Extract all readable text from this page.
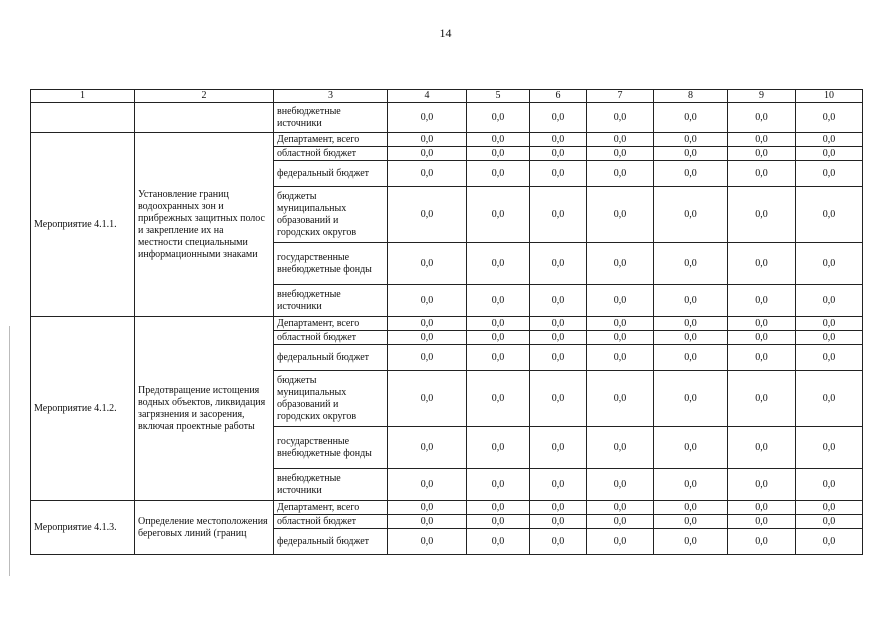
14
1	2	3	4	5	6	7	8	9	10
		внебюджетные источники	0,0	0,0	0,0	0,0	0,0	0,0	0,0
Мероприятие 4.1.1.	Установление границ водоохранных зон и прибрежных защитных полос и закрепление их на местности специальными информационными знаками	Департамент, всего	0,0	0,0	0,0	0,0	0,0	0,0	0,0
		областной бюджет	0,0	0,0	0,0	0,0	0,0	0,0	0,0
		федеральный бюджет	0,0	0,0	0,0	0,0	0,0	0,0	0,0
		бюджеты муниципальных образований и городских округов	0,0	0,0	0,0	0,0	0,0	0,0	0,0
		государственные внебюджетные фонды	0,0	0,0	0,0	0,0	0,0	0,0	0,0
		внебюджетные источники	0,0	0,0	0,0	0,0	0,0	0,0	0,0
Мероприятие 4.1.2.	Предотвращение истощения водных объектов, ликвидация загрязнения и засорения, включая проектные работы	Департамент, всего	0,0	0,0	0,0	0,0	0,0	0,0	0,0
		областной бюджет	0,0	0,0	0,0	0,0	0,0	0,0	0,0
		федеральный бюджет	0,0	0,0	0,0	0,0	0,0	0,0	0,0
		бюджеты муниципальных образований и городских округов	0,0	0,0	0,0	0,0	0,0	0,0	0,0
		государственные внебюджетные фонды	0,0	0,0	0,0	0,0	0,0	0,0	0,0
		внебюджетные источники	0,0	0,0	0,0	0,0	0,0	0,0	0,0
Мероприятие 4.1.3.	Определение местоположения береговых линий (границ	Департамент, всего	0,0	0,0	0,0	0,0	0,0	0,0	0,0
		областной бюджет	0,0	0,0	0,0	0,0	0,0	0,0	0,0
		федеральный бюджет	0,0	0,0	0,0	0,0	0,0	0,0	0,0
